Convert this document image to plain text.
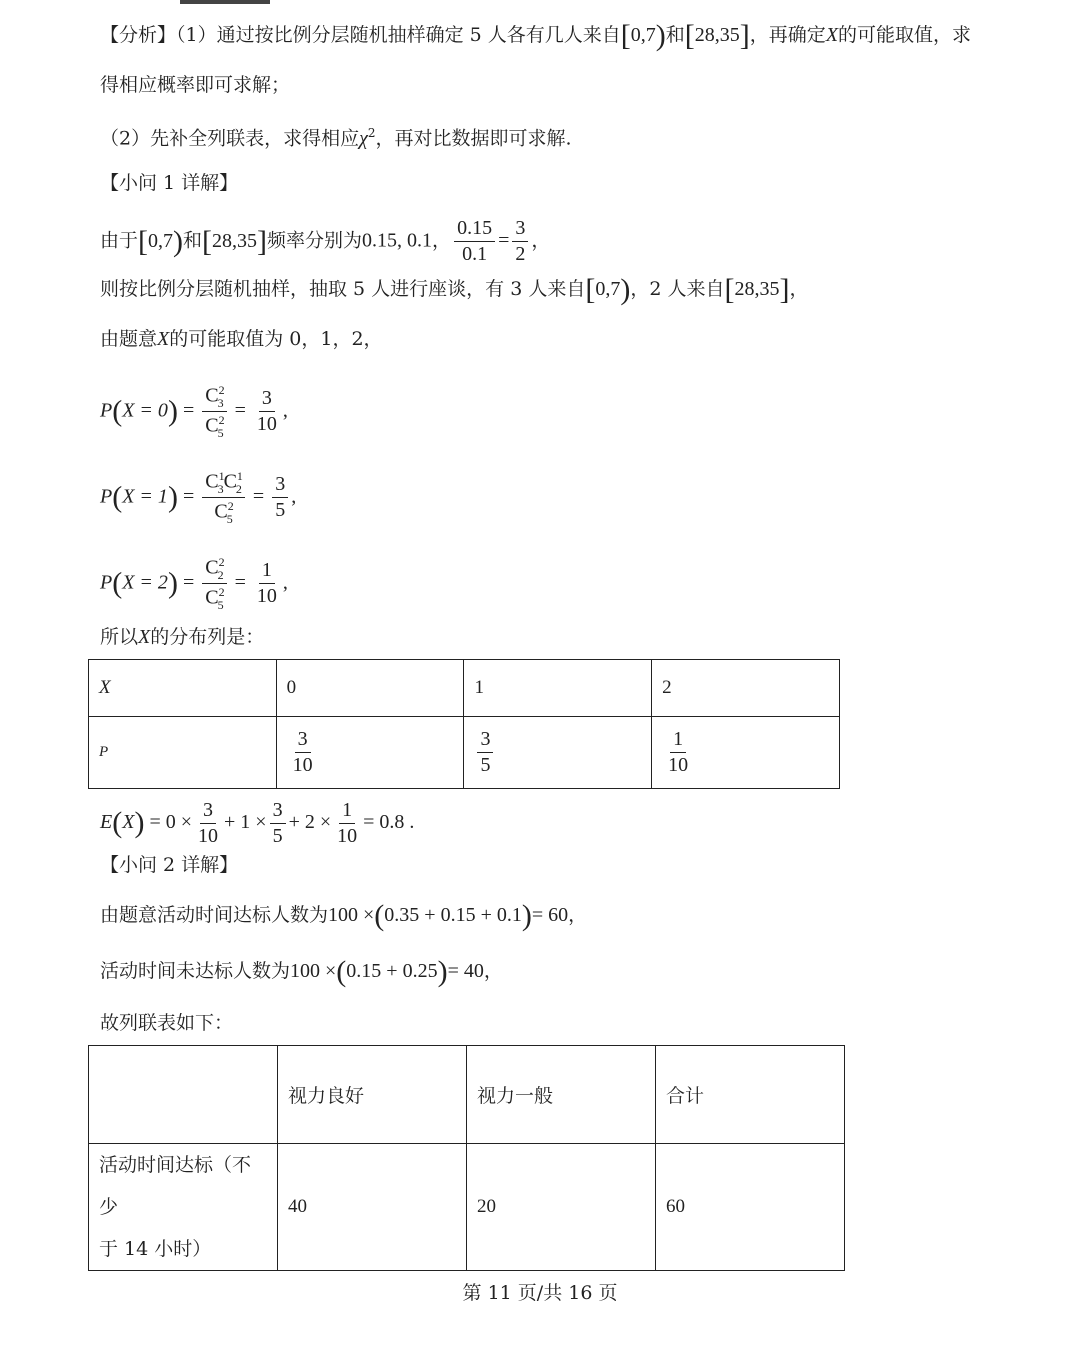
【分析】（1）通过按比例分层随机抽样确定 5 人各有几人来自[0,7)和[28,35]，再确定X的可能取值，求
得相应概率即可求解；
（2）先补全列联表，求得相应$\chi^2$，再对比数据即可求解.
【小问 1 详解】
由于[0,7)和[28,35]频率分别为0.15, 0.1， $\frac{0.15}{0.1} = \frac{3}{2}$ ，
则按比例分层随机抽样，抽取 5 人进行座谈，有 3 人来自[0,7)，2 人来自[28,35]，
由题意X的可能取值为 0，1，2，
$P(X = 0) = \frac{C^2_3}{C^2_5} = \frac{3}{10}$ ,
$P(X = 1) = \frac{C^1_3C^1_2}{C^2_5} = \frac{3}{5}$ ,
$P(X = 2) = \frac{C^2_2}{C^2_5} = \frac{1}{10}$ ,
所以X的分布列是：
X	0	1	2
P	$\frac{3}{10}$	$\frac{3}{5}$	$\frac{1}{10}$
$E(X) = 0 \times \frac{3}{10} + 1 \times \frac{3}{5} + 2 \times \frac{1}{10} = 0.8$ .
【小问 2 详解】
由题意活动时间达标人数为100 ×(0.35 + 0.15 + 0.1)= 60，
活动时间未达标人数为100 ×(0.15 + 0.25)= 40，
故列联表如下：
	视力良好	视力一般	合计
活动时间达标（不少
于 14 小时）	40	20	60
第 11 页/共 16 页
